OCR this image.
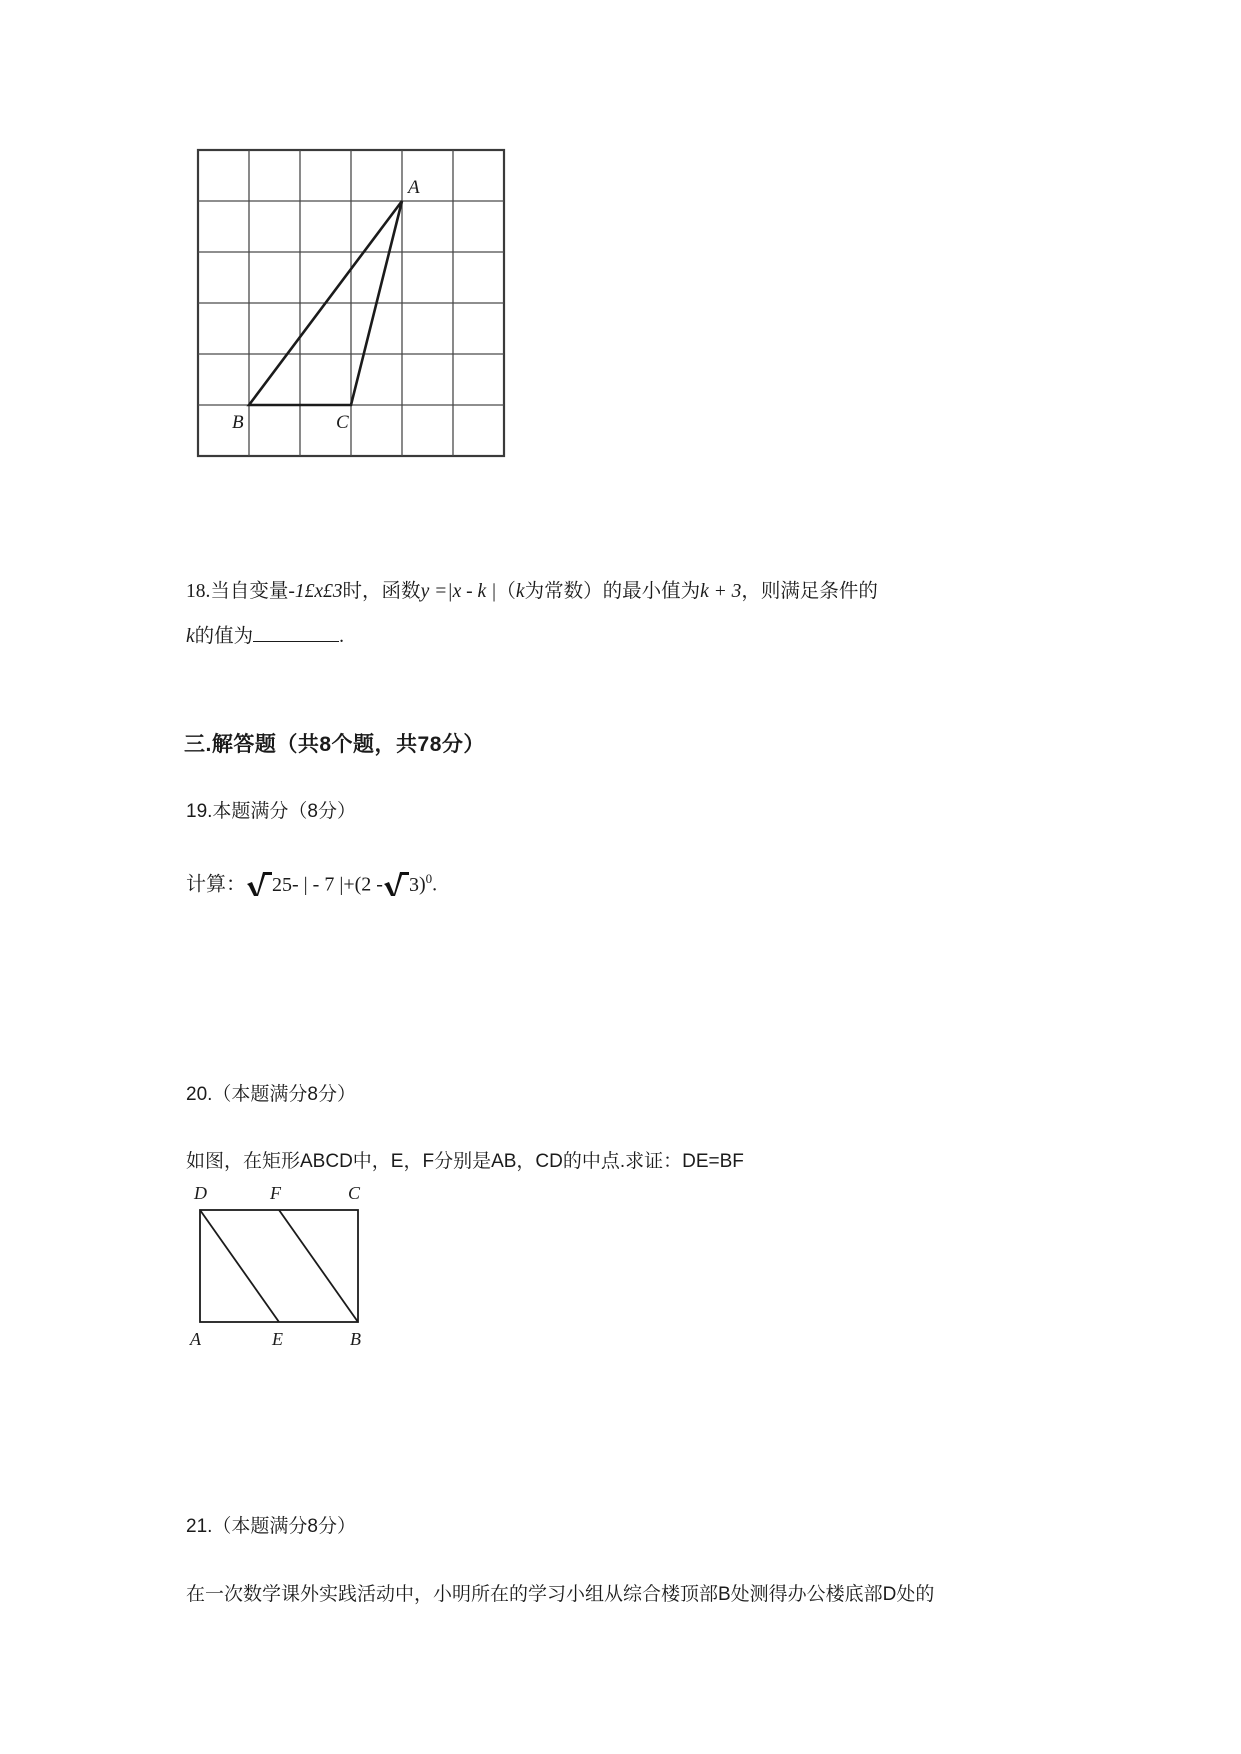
A
B	C
18.当自变量-1£x£3时，函数y =|x - k |（k为常数）的最小值为k + 3，则满足条件的
k的值为	.
三.解答题（共8个题，共78分）
19.本题满分（8分）
计算： 25- | - 7 |+(2 - 3)$^0$.
20.（本题满分8分）
如图，在矩形ABCD中，E，F分别是AB，CD的中点.求证：DE=BF
D	F	C
A	E	B
21.（本题满分8分）
在一次数学课外实践活动中，小明所在的学习小组从综合楼顶部B处测得办公楼底部D处的
